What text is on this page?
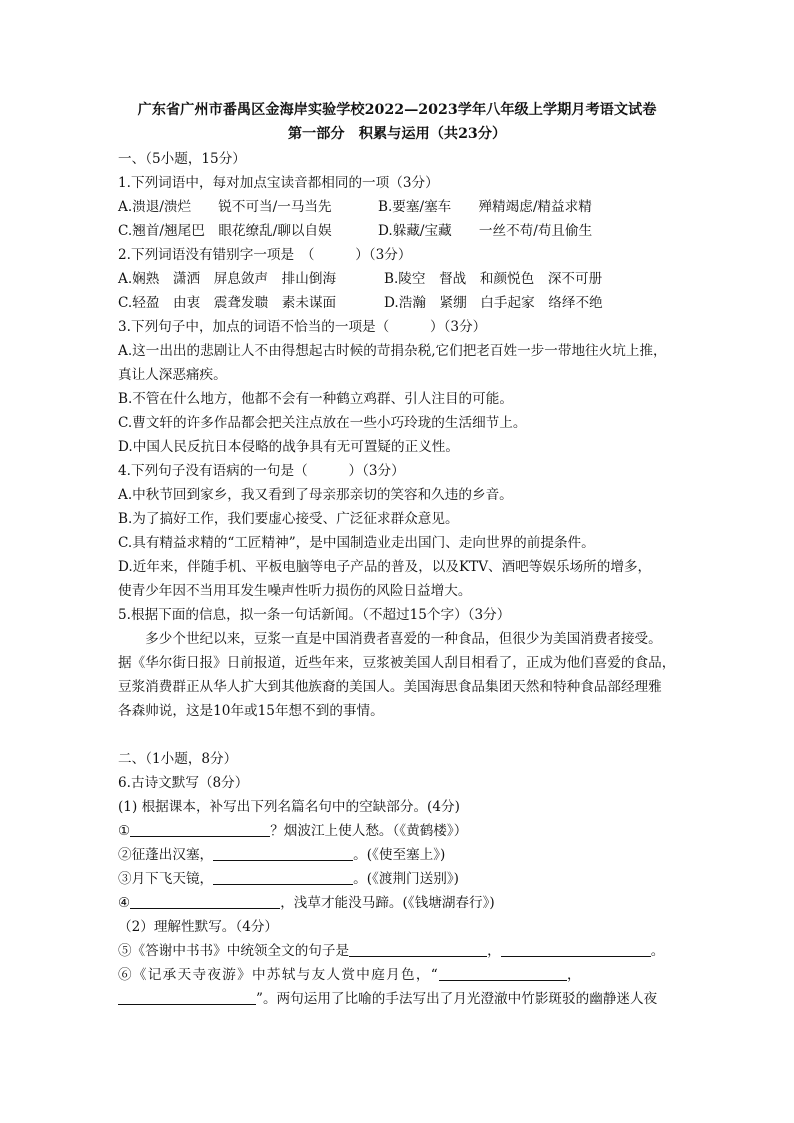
广东省广州市番禺区金海岸实验学校2022—2023学年八年级上学期月考语文试卷
第一部分　积累与运用（共23分）
一、（5小题，15分）
1.下列词语中，每对加点宝读音都相同的一项（3分）
A.溃退/溃烂　　锐不可当/一马当先	B.要塞/塞车　　殚精竭虑/精益求精
C.翘首/翘尾巴　眼花缭乱/聊以自娱	D.躲藏/宝藏　　一丝不苟/苟且偷生
2.下列词语没有错别字一项是　（　　　）（3分）
A.娴熟　潇洒　屏息敛声　排山倒海	B.陵空　督战　和颜悦色　深不可册
C.轻盈　由衷　震聋发聩　素未谋面	D.浩瀚　紧绷　白手起家　络绎不绝
3.下列句子中，加点的词语不恰当的一项是（　　　）（3分）
A.这一出出的悲剧让人不由得想起古时候的苛捐杂税,它们把老百姓一步一带地往火坑上推，
真让人深恶痛疾。
B.不管在什么地方，他都不会有一种鹤立鸡群、引人注目的可能。
C.曹文轩的许多作品都会把关注点放在一些小巧玲珑的生活细节上。
D.中国人民反抗日本侵略的战争具有无可置疑的正义性。
4.下列句子没有语病的一句是（　　　）（3分）
A.中秋节回到家乡，我又看到了母亲那亲切的笑容和久违的乡音。
B.为了搞好工作，我们要虚心接受、广泛征求群众意见。
C.具有精益求精的“工匠精神”，是中国制造业走出国门、走向世界的前提条件。
D.近年来，伴随手机、平板电脑等电子产品的普及，以及KTV、酒吧等娱乐场所的增多，
使青少年因不当用耳发生噪声性听力损伤的风险日益增大。
5.根据下面的信息，拟一条一句话新闻。（不超过15个字）（3分）
　　多少个世纪以来，豆浆一直是中国消费者喜爱的一种食品，但很少为美国消费者接受。
据《华尔街日报》日前报道，近些年来，豆浆被美国人刮目相看了，正成为他们喜爱的食品，
豆浆消费群正从华人扩大到其他族裔的美国人。美国海思食品集团天然和特种食品部经理雅
各森帅说，这是10年或15年想不到的事情。
二、（1小题，8分）
6.古诗文默写（8分）
(1) 根据课本，补写出下列名篇名句中的空缺部分。(4分)
①	？烟波江上使人愁。（《黄鹤楼》）
②征蓬出汉塞，	。(《使至塞上》)
③月下飞天镜，	。(《渡荆门送别》)
④	，浅草才能没马蹄。(《钱塘湖春行》)
（2）理解性默写。（4分）
⑤《答谢中书书》中统领全文的句子是	，	。
⑥《记承天寺夜游》中苏轼与友人赏中庭月色，“	，
”。两句运用了比喻的手法写出了月光澄澈中竹影斑驳的幽静迷人夜
